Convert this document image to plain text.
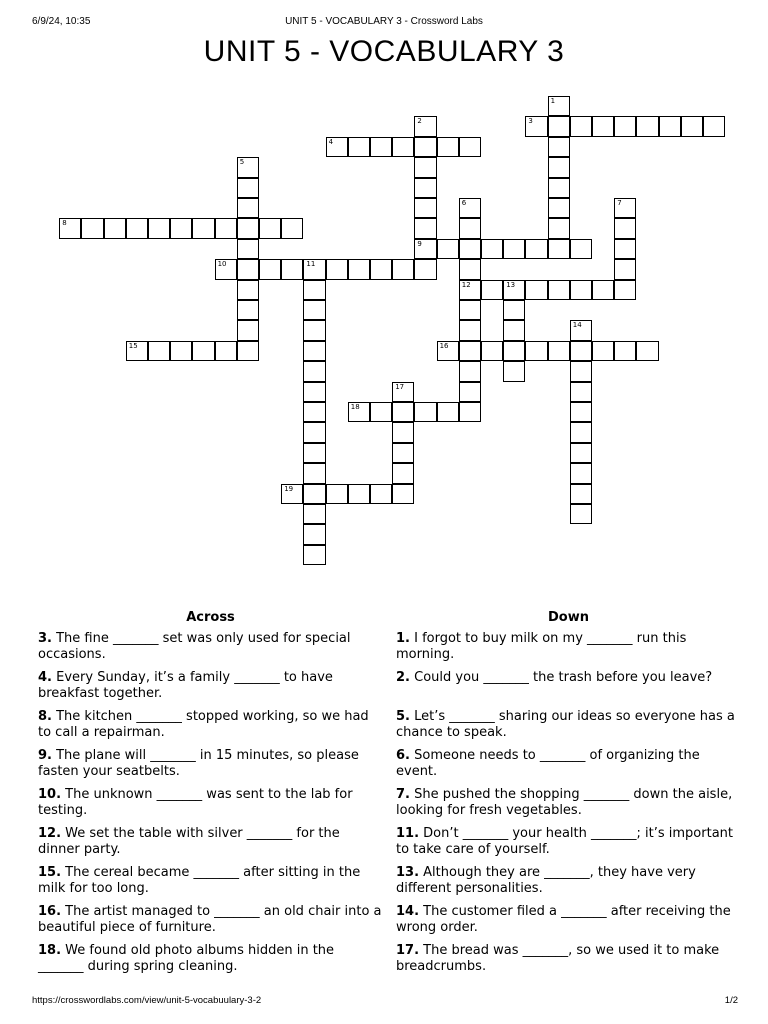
6/9/24, 10:35	UNIT 5 - VOCABULARY 3 - Crossword Labs
UNIT 5 - VOCABULARY 3
1
2
9
3
4
5
6
12
7
8
10	11
13
14
15	16
17
18
19
Across
3. The fine _______ set was only used for special occasions.
4. Every Sunday, it’s a family _______ to have breakfast together.
8. The kitchen _______ stopped working, so we had to call a repairman.
9. The plane will _______ in 15 minutes, so please fasten your seatbelts.
10. The unknown _______ was sent to the lab for testing.
12. We set the table with silver _______ for the dinner party.
15. The cereal became _______ after sitting in the milk for too long.
16. The artist managed to _______ an old chair into a beautiful piece of furniture.
18. We found old photo albums hidden in the _______ during spring cleaning.
Down
1. I forgot to buy milk on my _______ run this morning.
2. Could you _______ the trash before you leave?
5. Let’s _______ sharing our ideas so everyone has a chance to speak.
6. Someone needs to _______ of organizing the event.
7. She pushed the shopping _______ down the aisle, looking for fresh vegetables.
11. Don’t _______ your health _______; it’s important to take care of yourself.
13. Although they are _______, they have very different personalities.
14. The customer filed a _______ after receiving the wrong order.
17. The bread was _______, so we used it to make breadcrumbs.
https://crosswordlabs.com/view/unit-5-vocabuulary-3-2	1/2
